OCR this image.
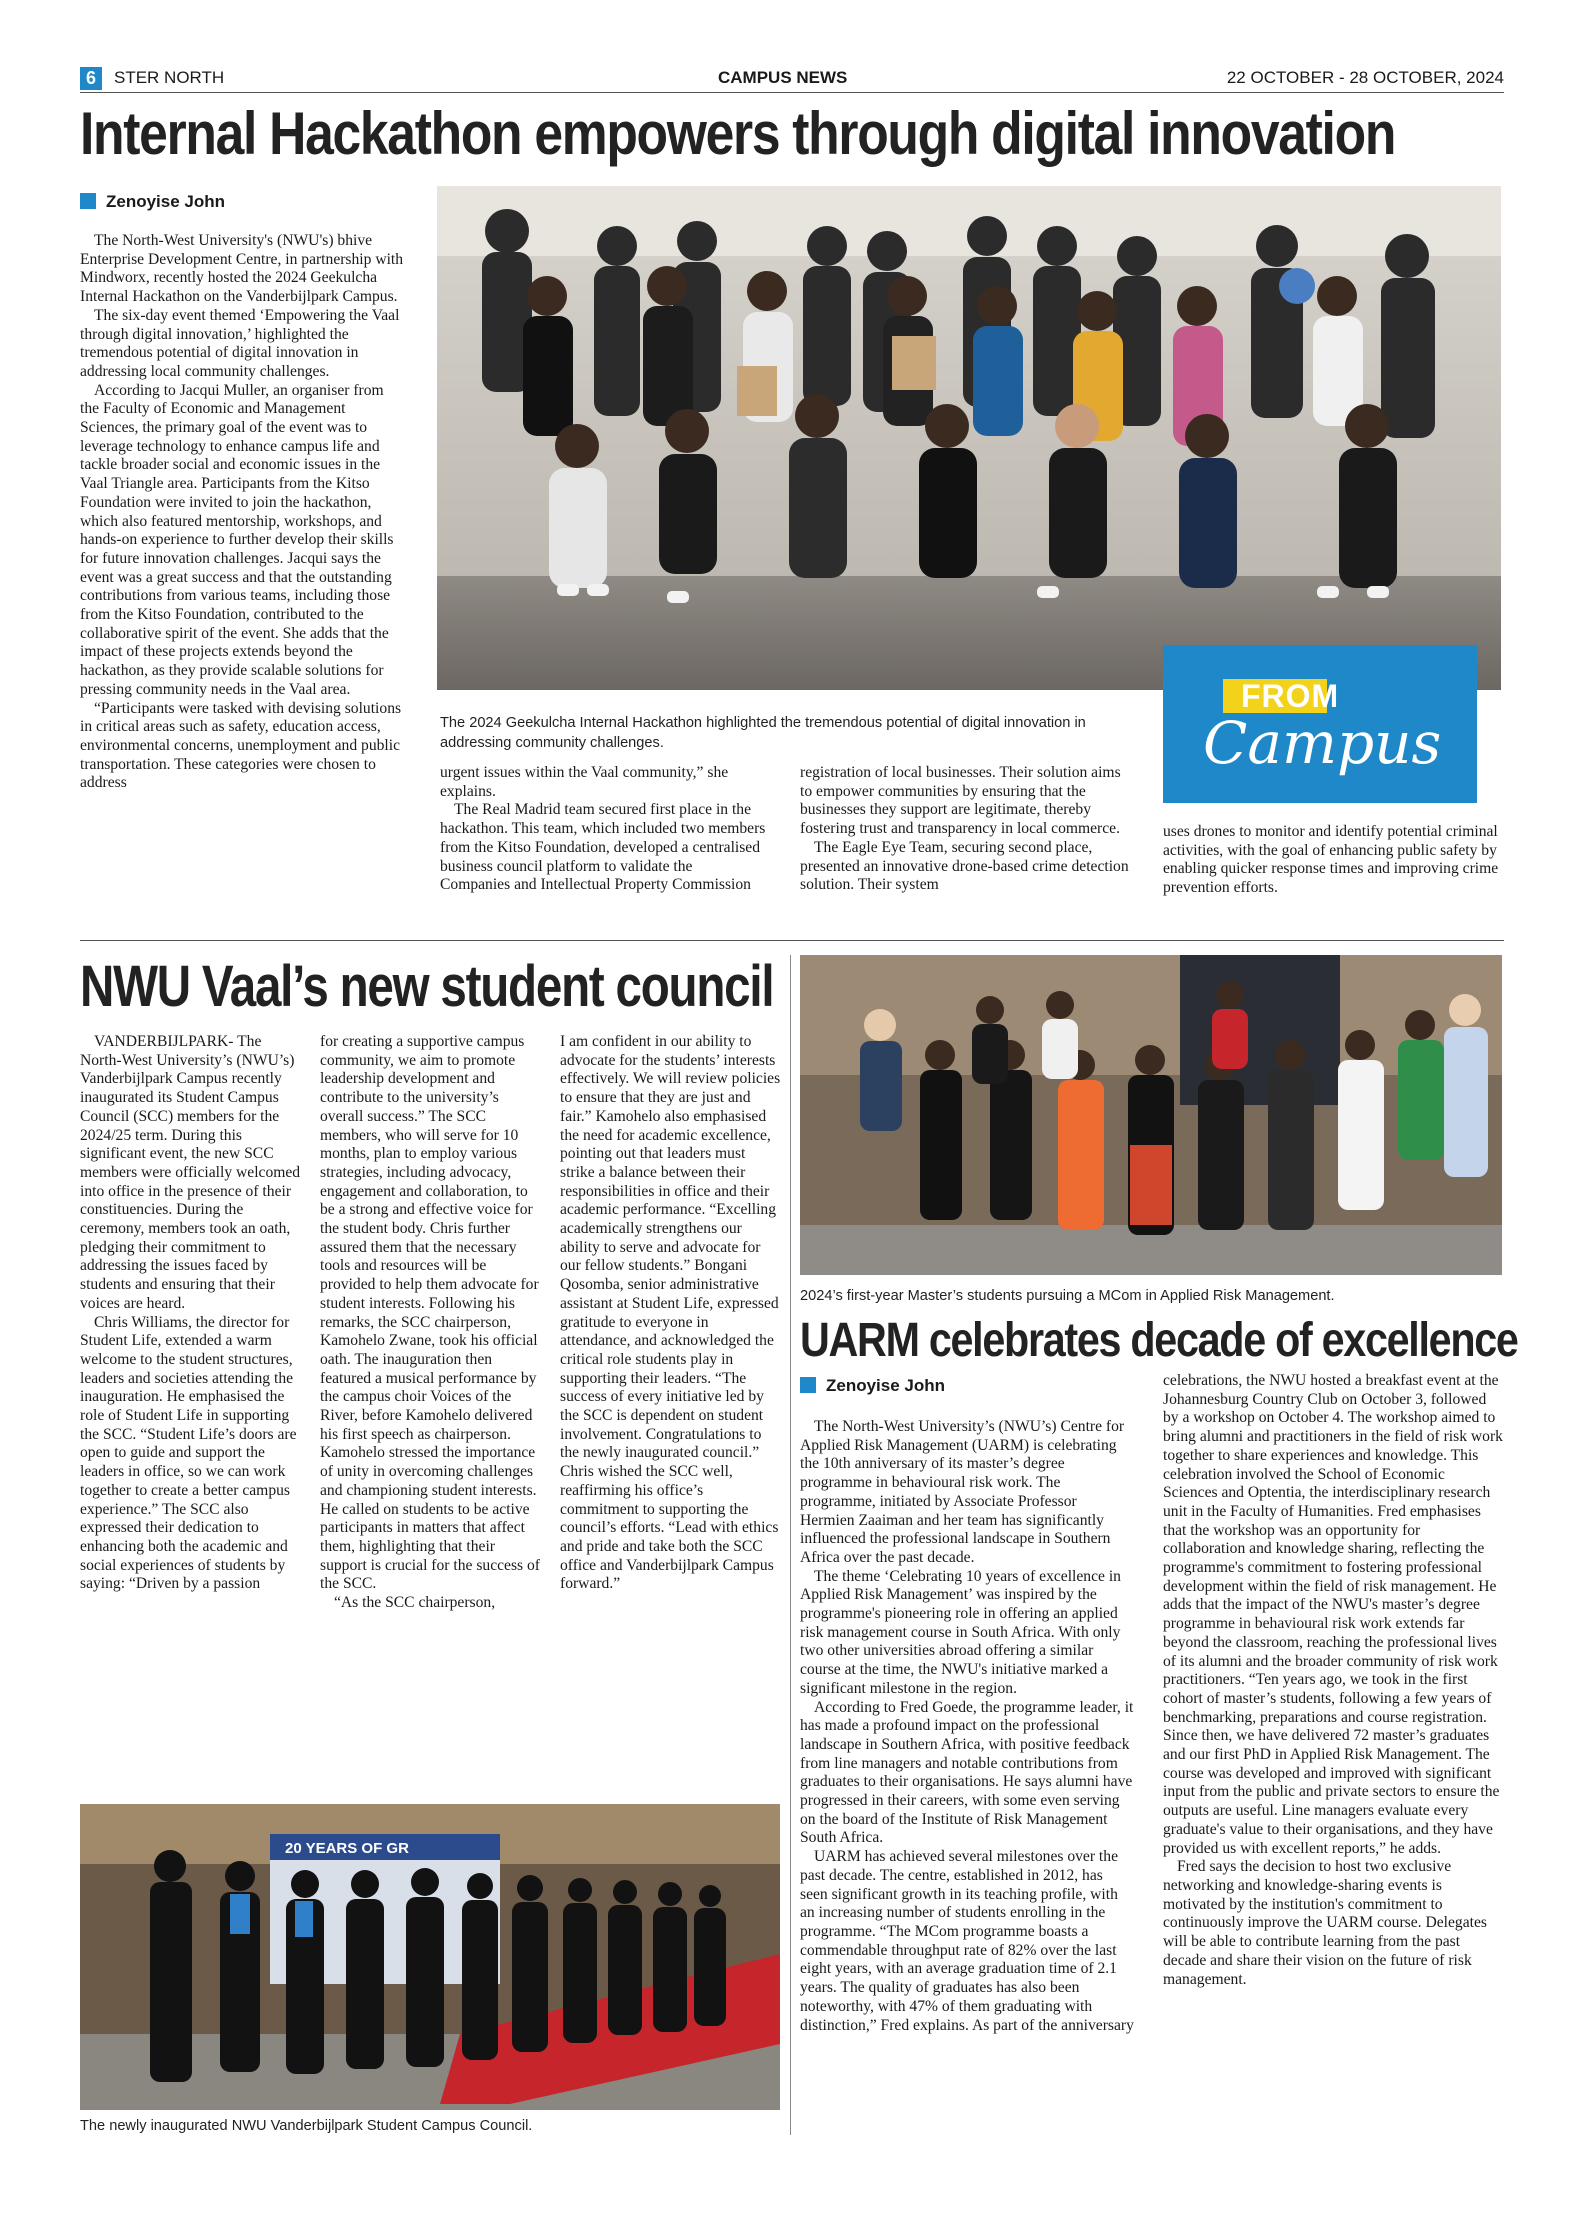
6	STER NORTH	CAMPUS NEWS	22 OCTOBER - 28 OCTOBER, 2024
Internal Hackathon empowers through digital innovation
Zenoyise John

The North-West University's (NWU's) bhive Enterprise Development Centre, in partnership with Mindworx, recently hosted the 2024 Geekulcha Internal Hackathon on the Vanderbijlpark Campus.

The six-day event themed ‘Empowering the Vaal through digital innovation,’ highlighted the tremendous potential of digital innovation in addressing local community challenges.

According to Jacqui Muller, an organiser from the Faculty of Economic and Management Sciences, the primary goal of the event was to leverage technology to enhance campus life and tackle broader social and economic issues in the Vaal Triangle area. Participants from the Kitso Foundation were invited to join the hackathon, which also featured mentorship, workshops, and hands-on experience to further develop their skills for future innovation challenges. Jacqui says the event was a great success and that the outstanding contributions from various teams, including those from the Kitso Foundation, contributed to the collaborative spirit of the event. She adds that the impact of these projects extends beyond the hackathon, as they provide scalable solutions for pressing community needs in the Vaal area.

“Participants were tasked with devising solutions in critical areas such as safety, education access, environmental concerns, unemployment and public transportation. These categories were chosen to address

FROM
Campus
The 2024 Geekulcha Internal Hackathon highlighted the tremendous potential of digital innovation in addressing community challenges.

urgent issues within the Vaal community,” she explains.

The Real Madrid team secured first place in the hackathon. This team, which included two members from the Kitso Foundation, developed a centralised business council platform to validate the Companies and Intellectual Property Commission

registration of local businesses. Their solution aims to empower communities by ensuring that the businesses they support are legitimate, thereby fostering trust and transparency in local commerce.

The Eagle Eye Team, securing second place, presented an innovative drone-based crime detection solution. Their system

uses drones to monitor and identify potential criminal activities, with the goal of enhancing public safety by enabling quicker response times and improving crime prevention efforts.

NWU Vaal’s new student council

VANDERBIJLPARK- The North-West University’s (NWU’s) Vanderbijlpark Campus recently inaugurated its Student Campus Council (SCC) members for the 2024/25 term. During this significant event, the new SCC members were officially welcomed into office in the presence of their constituencies. During the ceremony, members took an oath, pledging their commitment to addressing the issues faced by students and ensuring that their voices are heard.

Chris Williams, the director for Student Life, extended a warm welcome to the student structures, leaders and societies attending the inauguration. He emphasised the role of Student Life in supporting the SCC. “Student Life’s doors are open to guide and support the leaders in office, so we can work together to create a better campus experience.” The SCC also expressed their dedication to enhancing both the academic and social experiences of students by saying: “Driven by a passion

for creating a supportive campus community, we aim to promote leadership development and contribute to the university’s overall success.” The SCC members, who will serve for 10 months, plan to employ various strategies, including advocacy, engagement and collaboration, to be a strong and effective voice for the student body. Chris further assured them that the necessary tools and resources will be provided to help them advocate for student interests. Following his remarks, the SCC chairperson, Kamohelo Zwane, took his official oath. The inauguration then featured a musical performance by the campus choir Voices of the River, before Kamohelo delivered his first speech as chairperson. Kamohelo stressed the importance of unity in overcoming challenges and championing student interests. He called on students to be active participants in matters that affect them, highlighting that their support is crucial for the success of the SCC.

“As the SCC chairperson,

I am confident in our ability to advocate for the students’ interests effectively. We will review policies to ensure that they are just and fair.” Kamohelo also emphasised the need for academic excellence, pointing out that leaders must strike a balance between their responsibilities in office and their academic performance. “Excelling academically strengthens our ability to serve and advocate for our fellow students.” Bongani Qosomba, senior administrative assistant at Student Life, expressed gratitude to everyone in attendance, and acknowledged the critical role students play in supporting their leaders. “The success of every initiative led by the SCC is dependent on student involvement. Congratulations to the newly inaugurated council.” Chris wished the SCC well, reaffirming his office’s commitment to supporting the council’s efforts. “Lead with ethics and pride and take both the SCC office and Vanderbijlpark Campus forward.”

20 YEARS OF GR
The newly inaugurated NWU Vanderbijlpark Student Campus Council.
2024’s first-year Master’s students pursuing a MCom in Applied Risk Management.
UARM celebrates decade of excellence
Zenoyise John

The North-West University’s (NWU’s) Centre for Applied Risk Management (UARM) is celebrating the 10th anniversary of its master’s degree programme in behavioural risk work. The programme, initiated by Associate Professor Hermien Zaaiman and her team has significantly influenced the professional landscape in Southern Africa over the past decade.

The theme ‘Celebrating 10 years of excellence in Applied Risk Management’ was inspired by the programme's pioneering role in offering an applied risk management course in South Africa. With only two other universities abroad offering a similar course at the time, the NWU's initiative marked a significant milestone in the region.

According to Fred Goede, the programme leader, it has made a profound impact on the professional landscape in Southern Africa, with positive feedback from line managers and notable contributions from graduates to their organisations. He says alumni have progressed in their careers, with some even serving on the board of the Institute of Risk Management South Africa.

UARM has achieved several milestones over the past decade. The centre, established in 2012, has seen significant growth in its teaching profile, with an increasing number of students enrolling in the programme. “The MCom programme boasts a commendable throughput rate of 82% over the last eight years, with an average graduation time of 2.1 years. The quality of graduates has also been noteworthy, with 47% of them graduating with distinction,” Fred explains. As part of the anniversary

celebrations, the NWU hosted a breakfast event at the Johannesburg Country Club on October 3, followed by a workshop on October 4. The workshop aimed to bring alumni and practitioners in the field of risk work together to share experiences and knowledge. This celebration involved the School of Economic Sciences and Optentia, the interdisciplinary research unit in the Faculty of Humanities. Fred emphasises that the workshop was an opportunity for collaboration and knowledge sharing, reflecting the programme's commitment to fostering professional development within the field of risk management. He adds that the impact of the NWU's master’s degree programme in behavioural risk work extends far beyond the classroom, reaching the professional lives of its alumni and the broader community of risk work practitioners. “Ten years ago, we took in the first cohort of master’s students, following a few years of benchmarking, preparations and course registration. Since then, we have delivered 72 master’s graduates and our first PhD in Applied Risk Management. The course was developed and improved with significant input from the public and private sectors to ensure the outputs are useful. Line managers evaluate every graduate's value to their organisations, and they have provided us with excellent reports,” he adds.

Fred says the decision to host two exclusive networking and knowledge-sharing events is motivated by the institution's commitment to continuously improve the UARM course. Delegates will be able to contribute learning from the past decade and share their vision on the future of risk management.
